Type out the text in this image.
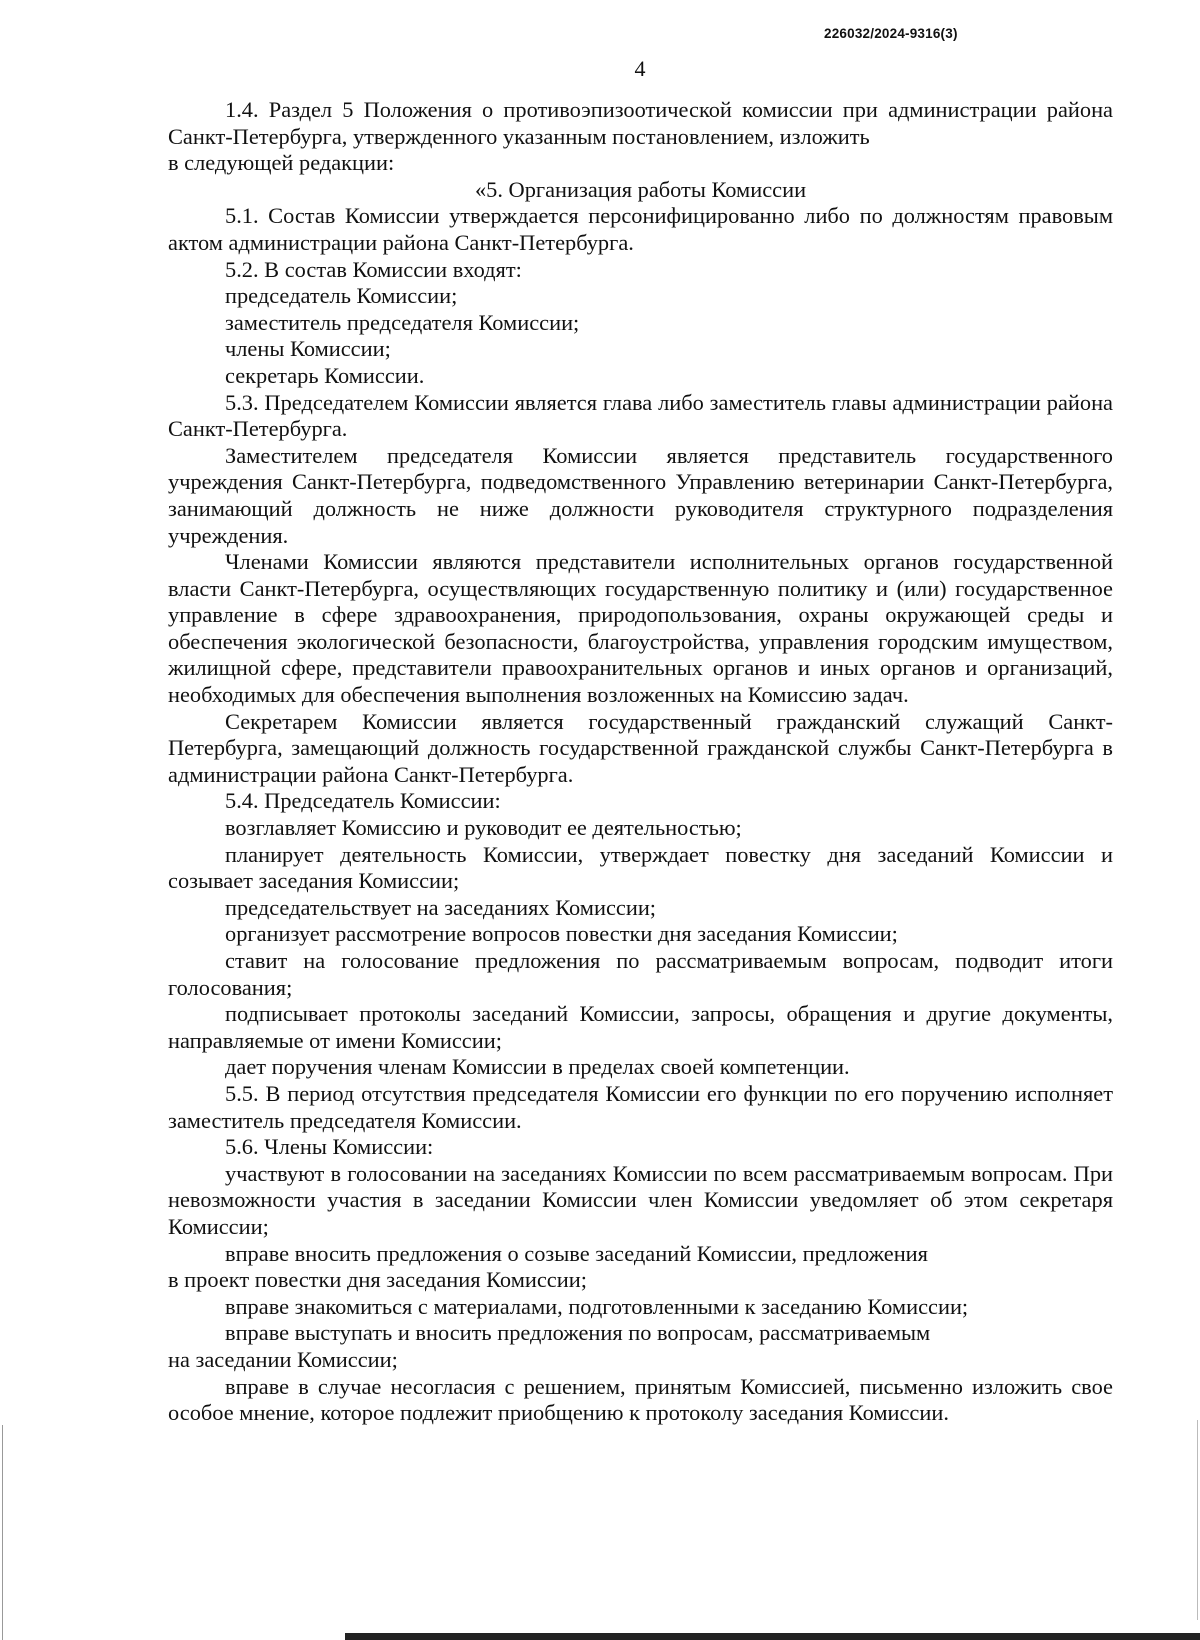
226032/2024-9316(3)
4

1.4. Раздел 5 Положения о противоэпизоотической комиссии при администрации района Санкт-Петербурга, утвержденного указанным постановлением, изложить
в следующей редакции:

«5. Организация работы Комиссии

5.1. Состав Комиссии утверждается персонифицированно либо по должностям правовым актом администрации района Санкт-Петербурга.

5.2. В состав Комиссии входят:

председатель Комиссии;

заместитель председателя Комиссии;

члены Комиссии;

секретарь Комиссии.

5.3. Председателем Комиссии является глава либо заместитель главы администрации района Санкт-Петербурга.

Заместителем председателя Комиссии является представитель государственного учреждения Санкт-Петербурга, подведомственного Управлению ветеринарии Санкт-Петербурга, занимающий должность не ниже должности руководителя структурного подразделения учреждения.

Членами Комиссии являются представители исполнительных органов государственной власти Санкт-Петербурга, осуществляющих государственную политику и (или) государственное управление в сфере здравоохранения, природопользования, охраны окружающей среды и обеспечения экологической безопасности, благоустройства, управления городским имуществом, жилищной сфере, представители правоохранительных органов и иных органов и организаций, необходимых для обеспечения выполнения возложенных на Комиссию задач.

Секретарем Комиссии является государственный гражданский служащий Санкт-Петербурга, замещающий должность государственной гражданской службы Санкт-Петербурга в администрации района Санкт-Петербурга.

5.4. Председатель Комиссии:

возглавляет Комиссию и руководит ее деятельностью;

планирует деятельность Комиссии, утверждает повестку дня заседаний Комиссии и созывает заседания Комиссии;

председательствует на заседаниях Комиссии;

организует рассмотрение вопросов повестки дня заседания Комиссии;

ставит на голосование предложения по рассматриваемым вопросам, подводит итоги голосования;

подписывает протоколы заседаний Комиссии, запросы, обращения и другие документы, направляемые от имени Комиссии;

дает поручения членам Комиссии в пределах своей компетенции.

5.5. В период отсутствия председателя Комиссии его функции по его поручению исполняет заместитель председателя Комиссии.

5.6. Члены Комиссии:

участвуют в голосовании на заседаниях Комиссии по всем рассматриваемым вопросам. При невозможности участия в заседании Комиссии член Комиссии уведомляет об этом секретаря Комиссии;

вправе вносить предложения о созыве заседаний Комиссии, предложения
в проект повестки дня заседания Комиссии;

вправе знакомиться с материалами, подготовленными к заседанию Комиссии;

вправе выступать и вносить предложения по вопросам, рассматриваемым
на заседании Комиссии;

вправе в случае несогласия с решением, принятым Комиссией, письменно изложить свое особое мнение, которое подлежит приобщению к протоколу заседания Комиссии.
